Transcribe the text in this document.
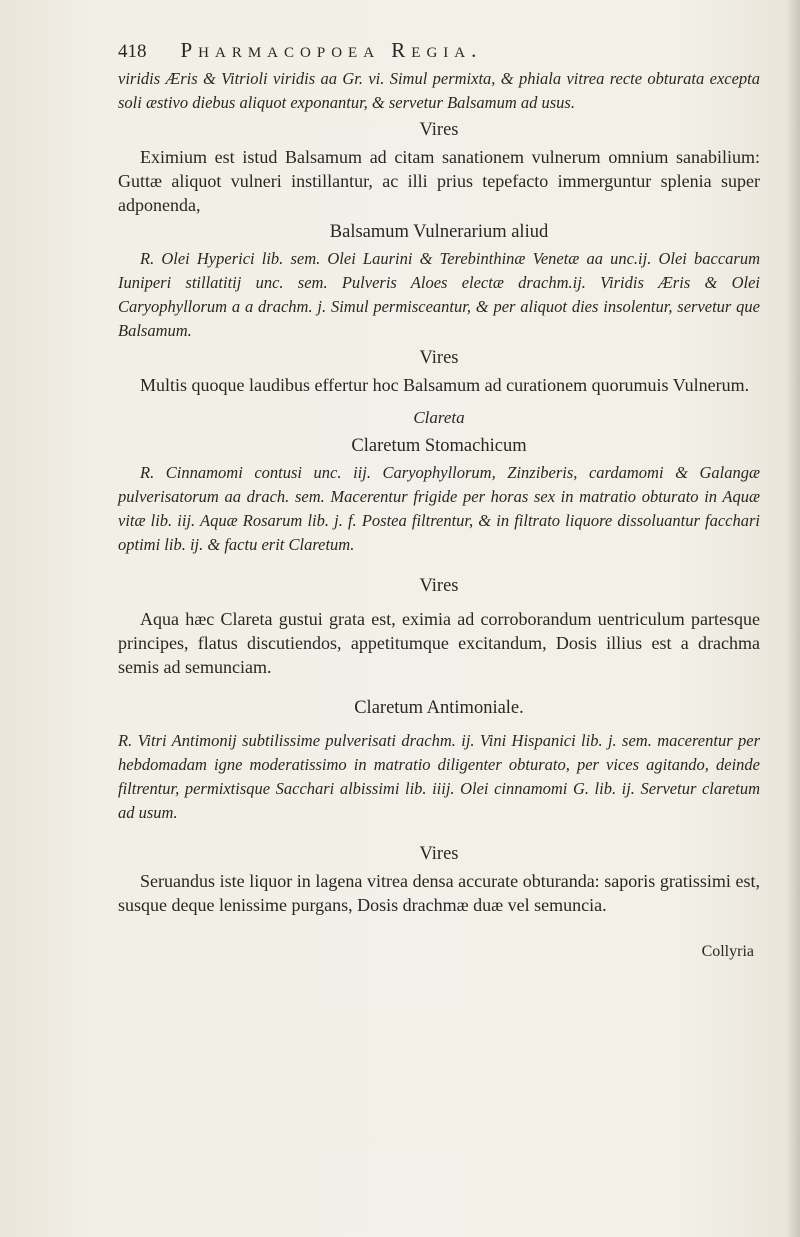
418 Pharmacopoea Regia.

viridis Æris & Vitrioli viridis aa Gr. vi. Simul permixta, & phiala vitrea recte obturata excepta soli æstivo diebus aliquot exponantur, & servetur Balsamum ad usus.

Vires

Eximium est istud Balsamum ad citam sanationem vulnerum omnium sanabilium: Guttæ aliquot vulneri instillantur, ac illi prius tepefacto immerguntur splenia super adponenda,

Balsamum Vulnerarium aliud

R. Olei Hyperici lib. sem. Olei Laurini & Terebinthinæ Venetæ aa unc.ij. Olei baccarum Iuniperi stillatitij unc. sem. Pulveris Aloes electæ drachm.ij. Viridis Æris & Olei Caryophyllorum a a drachm. j. Simul permisceantur, & per aliquot dies insolentur, servetur que Balsamum.

Vires

Multis quoque laudibus effertur hoc Balsamum ad curationem quorumuis Vulnerum.

Clareta
Claretum Stomachicum

R. Cinnamomi contusi unc. iij. Caryophyllorum, Zinziberis, cardamomi & Galangæ pulverisatorum aa drach. sem. Macerentur frigide per horas sex in matratio obturato in Aquæ vitæ lib. iij. Aquæ Rosarum lib. j. f. Postea filtrentur, & in filtrato liquore dissoluantur facchari optimi lib. ij. & factu erit Claretum.

Vires

Aqua hæc Clareta gustui grata est, eximia ad corroborandum uentriculum partesque principes, flatus discutiendos, appetitumque excitandum, Dosis illius est a drachma semis ad semunciam.

Claretum Antimoniale.

R. Vitri Antimonij subtilissime pulverisati drachm. ij. Vini Hispanici lib. j. sem. macerentur per hebdomadam igne moderatissimo in matratio diligenter obturato, per vices agitando, deinde filtrentur, permixtisque Sacchari albissimi lib. iiij. Olei cinnamomi G. lib. ij. Servetur claretum ad usum.

Vires

Seruandus iste liquor in lagena vitrea densa accurate obturanda: saporis gratissimi est, susque deque lenissime purgans, Dosis drachmæ duæ vel semuncia.

Collyria
